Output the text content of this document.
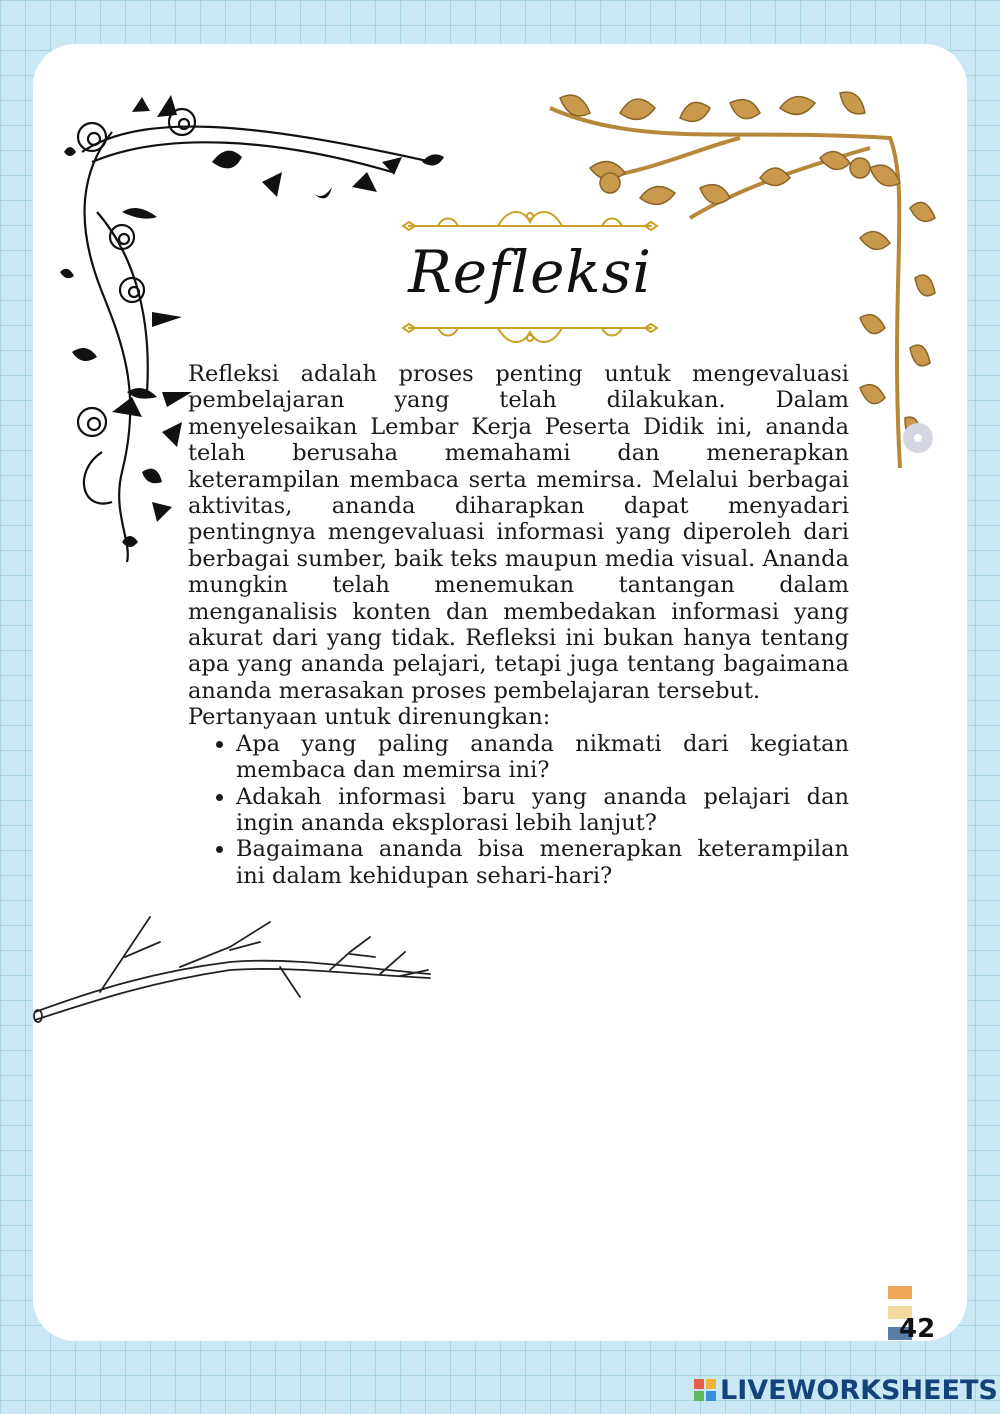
Refleksi

Refleksi adalah proses penting untuk mengevaluasi pembelajaran yang telah dilakukan. Dalam menyelesaikan Lembar Kerja Peserta Didik ini, ananda telah berusaha memahami dan menerapkan keterampilan membaca serta memirsa. Melalui berbagai aktivitas, ananda diharapkan dapat menyadari pentingnya mengevaluasi informasi yang diperoleh dari berbagai sumber, baik teks maupun media visual. Ananda mungkin telah menemukan tantangan dalam menganalisis konten dan membedakan informasi yang akurat dari yang tidak. Refleksi ini bukan hanya tentang apa yang ananda pelajari, tetapi juga tentang bagaimana ananda merasakan proses pembelajaran tersebut.

Pertanyaan untuk direnungkan:

• Apa yang paling ananda nikmati dari kegiatan membaca dan memirsa ini?
• Adakah informasi baru yang ananda pelajari dan ingin ananda eksplorasi lebih lanjut?
• Bagaimana ananda bisa menerapkan keterampilan ini dalam kehidupan sehari-hari?
42
LIVEWORKSHEETS
